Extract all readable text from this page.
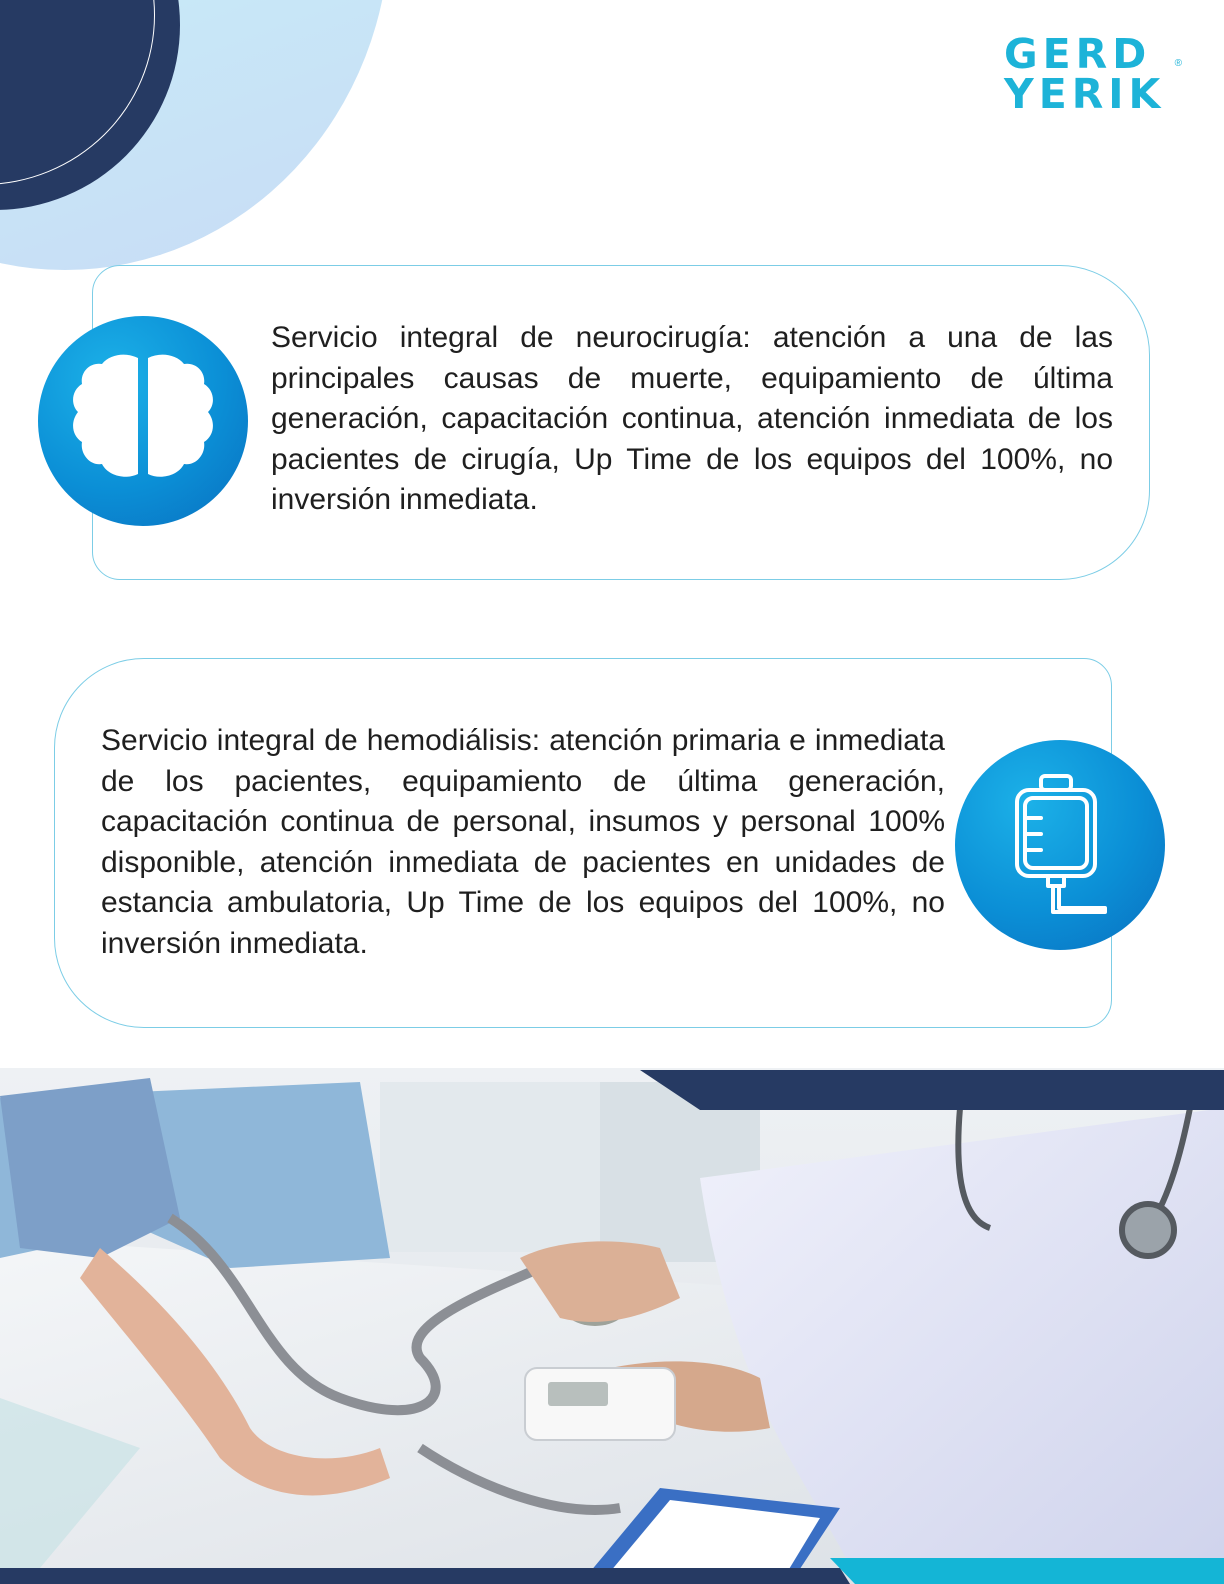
GERD
YERIK
®

Servicio integral de neurocirugía: atención a una de las principales causas de muerte, equipamiento de última generación, capacitación continua, atención inmediata de los pacientes de cirugía, Up Time de los equipos del 100%, no inversión inmediata.

Servicio integral de hemodiálisis: atención primaria e inmediata de los pacientes, equipamiento de última generación, capacitación continua de personal, insumos y personal 100% disponible, atención inmediata de pacientes en unidades de estancia ambulatoria, Up Time de los equipos del 100%, no inversión inmediata.
